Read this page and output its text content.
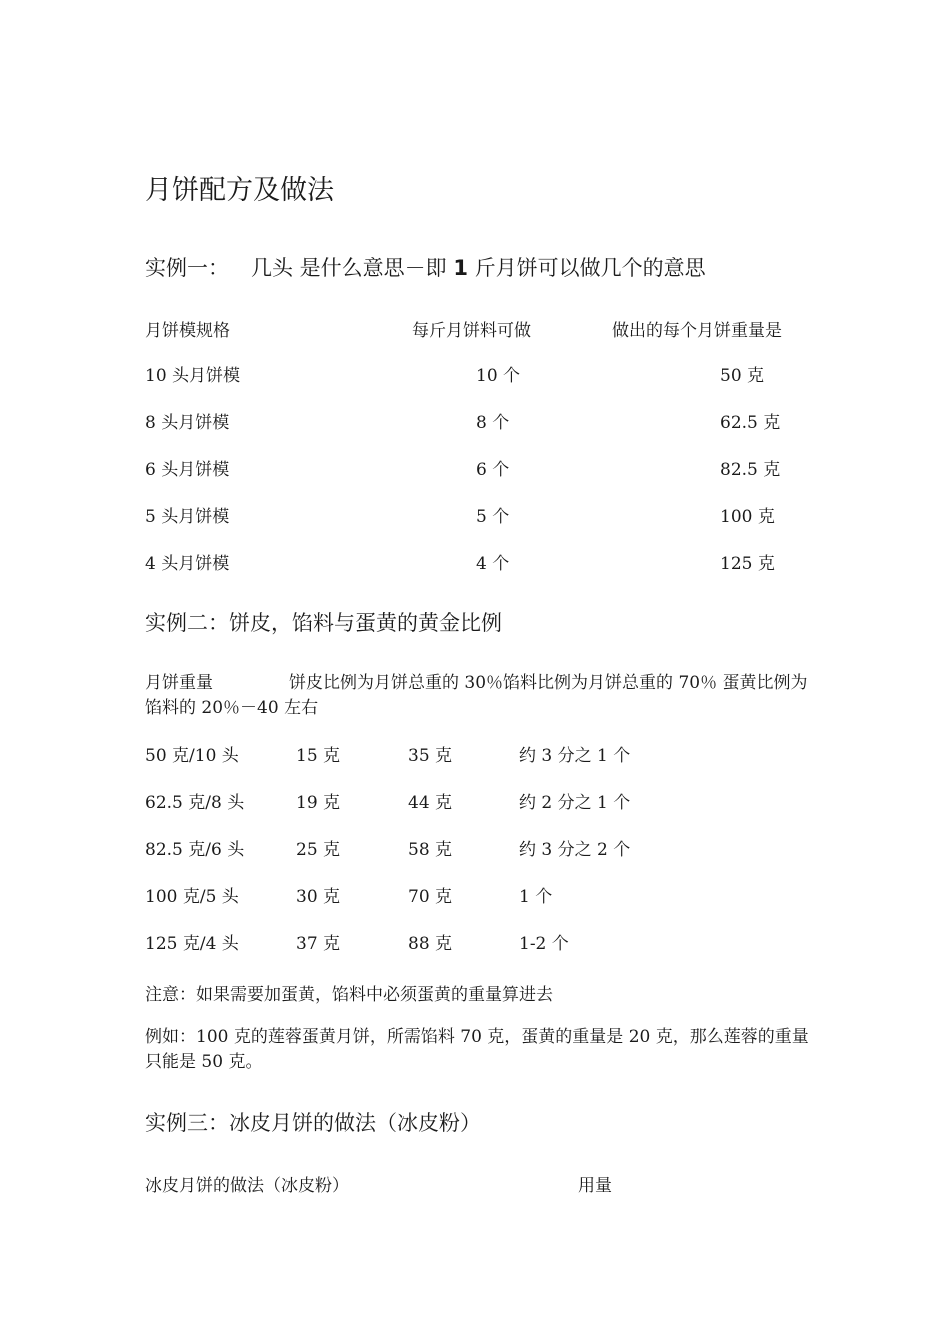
月饼配方及做法
实例一： 几头 是什么意思－即 1 斤月饼可以做几个的意思
月饼模规格	每斤月饼料可做	做出的每个月饼重量是
10 头月饼模	10 个	50 克
8 头月饼模	8 个	62.5 克
6 头月饼模	6 个	82.5 克
5 头月饼模	5 个	100 克
4 头月饼模	4 个	125 克
实例二：饼皮，馅料与蛋黄的黄金比例
月饼重量	饼皮比例为月饼总重的 30％馅料比例为月饼总重的 70％ 蛋黄比例为馅料的 20％－40 左右
50 克/10 头	15 克	35 克	约 3 分之 1 个
62.5 克/8 头	19 克	44 克	约 2 分之 1 个
82.5 克/6 头	25 克	58 克	约 3 分之 2 个
100 克/5 头	30 克	70 克	1 个
125 克/4 头	37 克	88 克	1-2 个
注意：如果需要加蛋黄，馅料中必须蛋黄的重量算进去
例如：100 克的莲蓉蛋黄月饼，所需馅料 70 克，蛋黄的重量是 20 克，那么莲蓉的重量只能是 50 克。
实例三：冰皮月饼的做法（冰皮粉）
冰皮月饼的做法（冰皮粉）	用量
